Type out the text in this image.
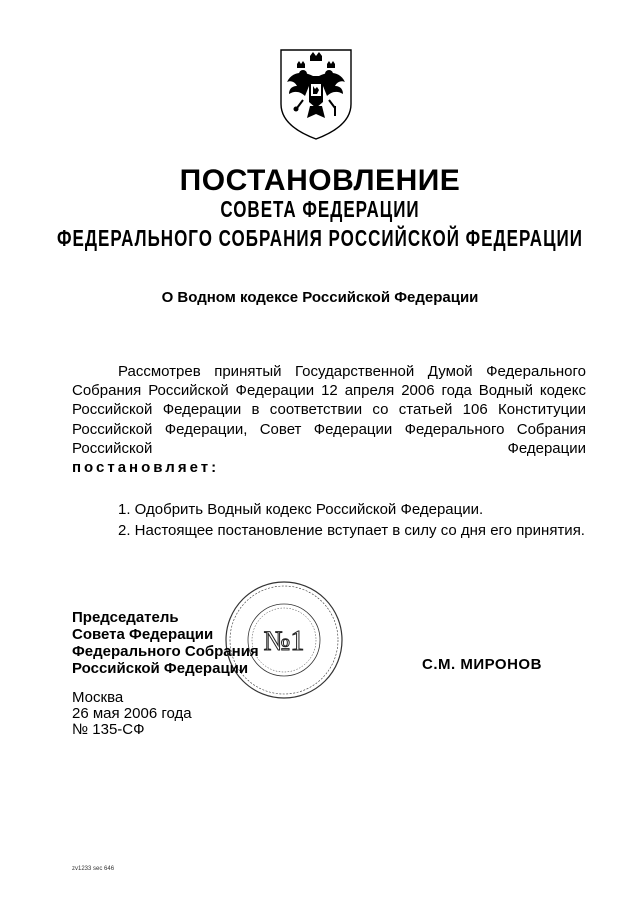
ПОСТАНОВЛЕНИЕ
СОВЕТА ФЕДЕРАЦИИ
ФЕДЕРАЛЬНОГО СОБРАНИЯ РОССИЙСКОЙ ФЕДЕРАЦИИ
О Водном кодексе Российской Федерации
Рассмотрев принятый Государственной Думой Федерального Собрания Российской Федерации 12 апреля 2006 года Водный кодекс Российской Федерации в соответствии со статьей 106 Конституции Российской Федерации, Совет Федерации Федерального Собрания Российской Федерации
постановляет:
1. Одобрить Водный кодекс Российской Федерации.
2. Настоящее постановление вступает в силу со дня его принятия.
№1
Председатель
Совета Федерации
Федерального Собрания
Российской Федерации	С.М. МИРОНОВ
Москва
26 мая 2006 года
№ 135-СФ
zv1233 sec 646
